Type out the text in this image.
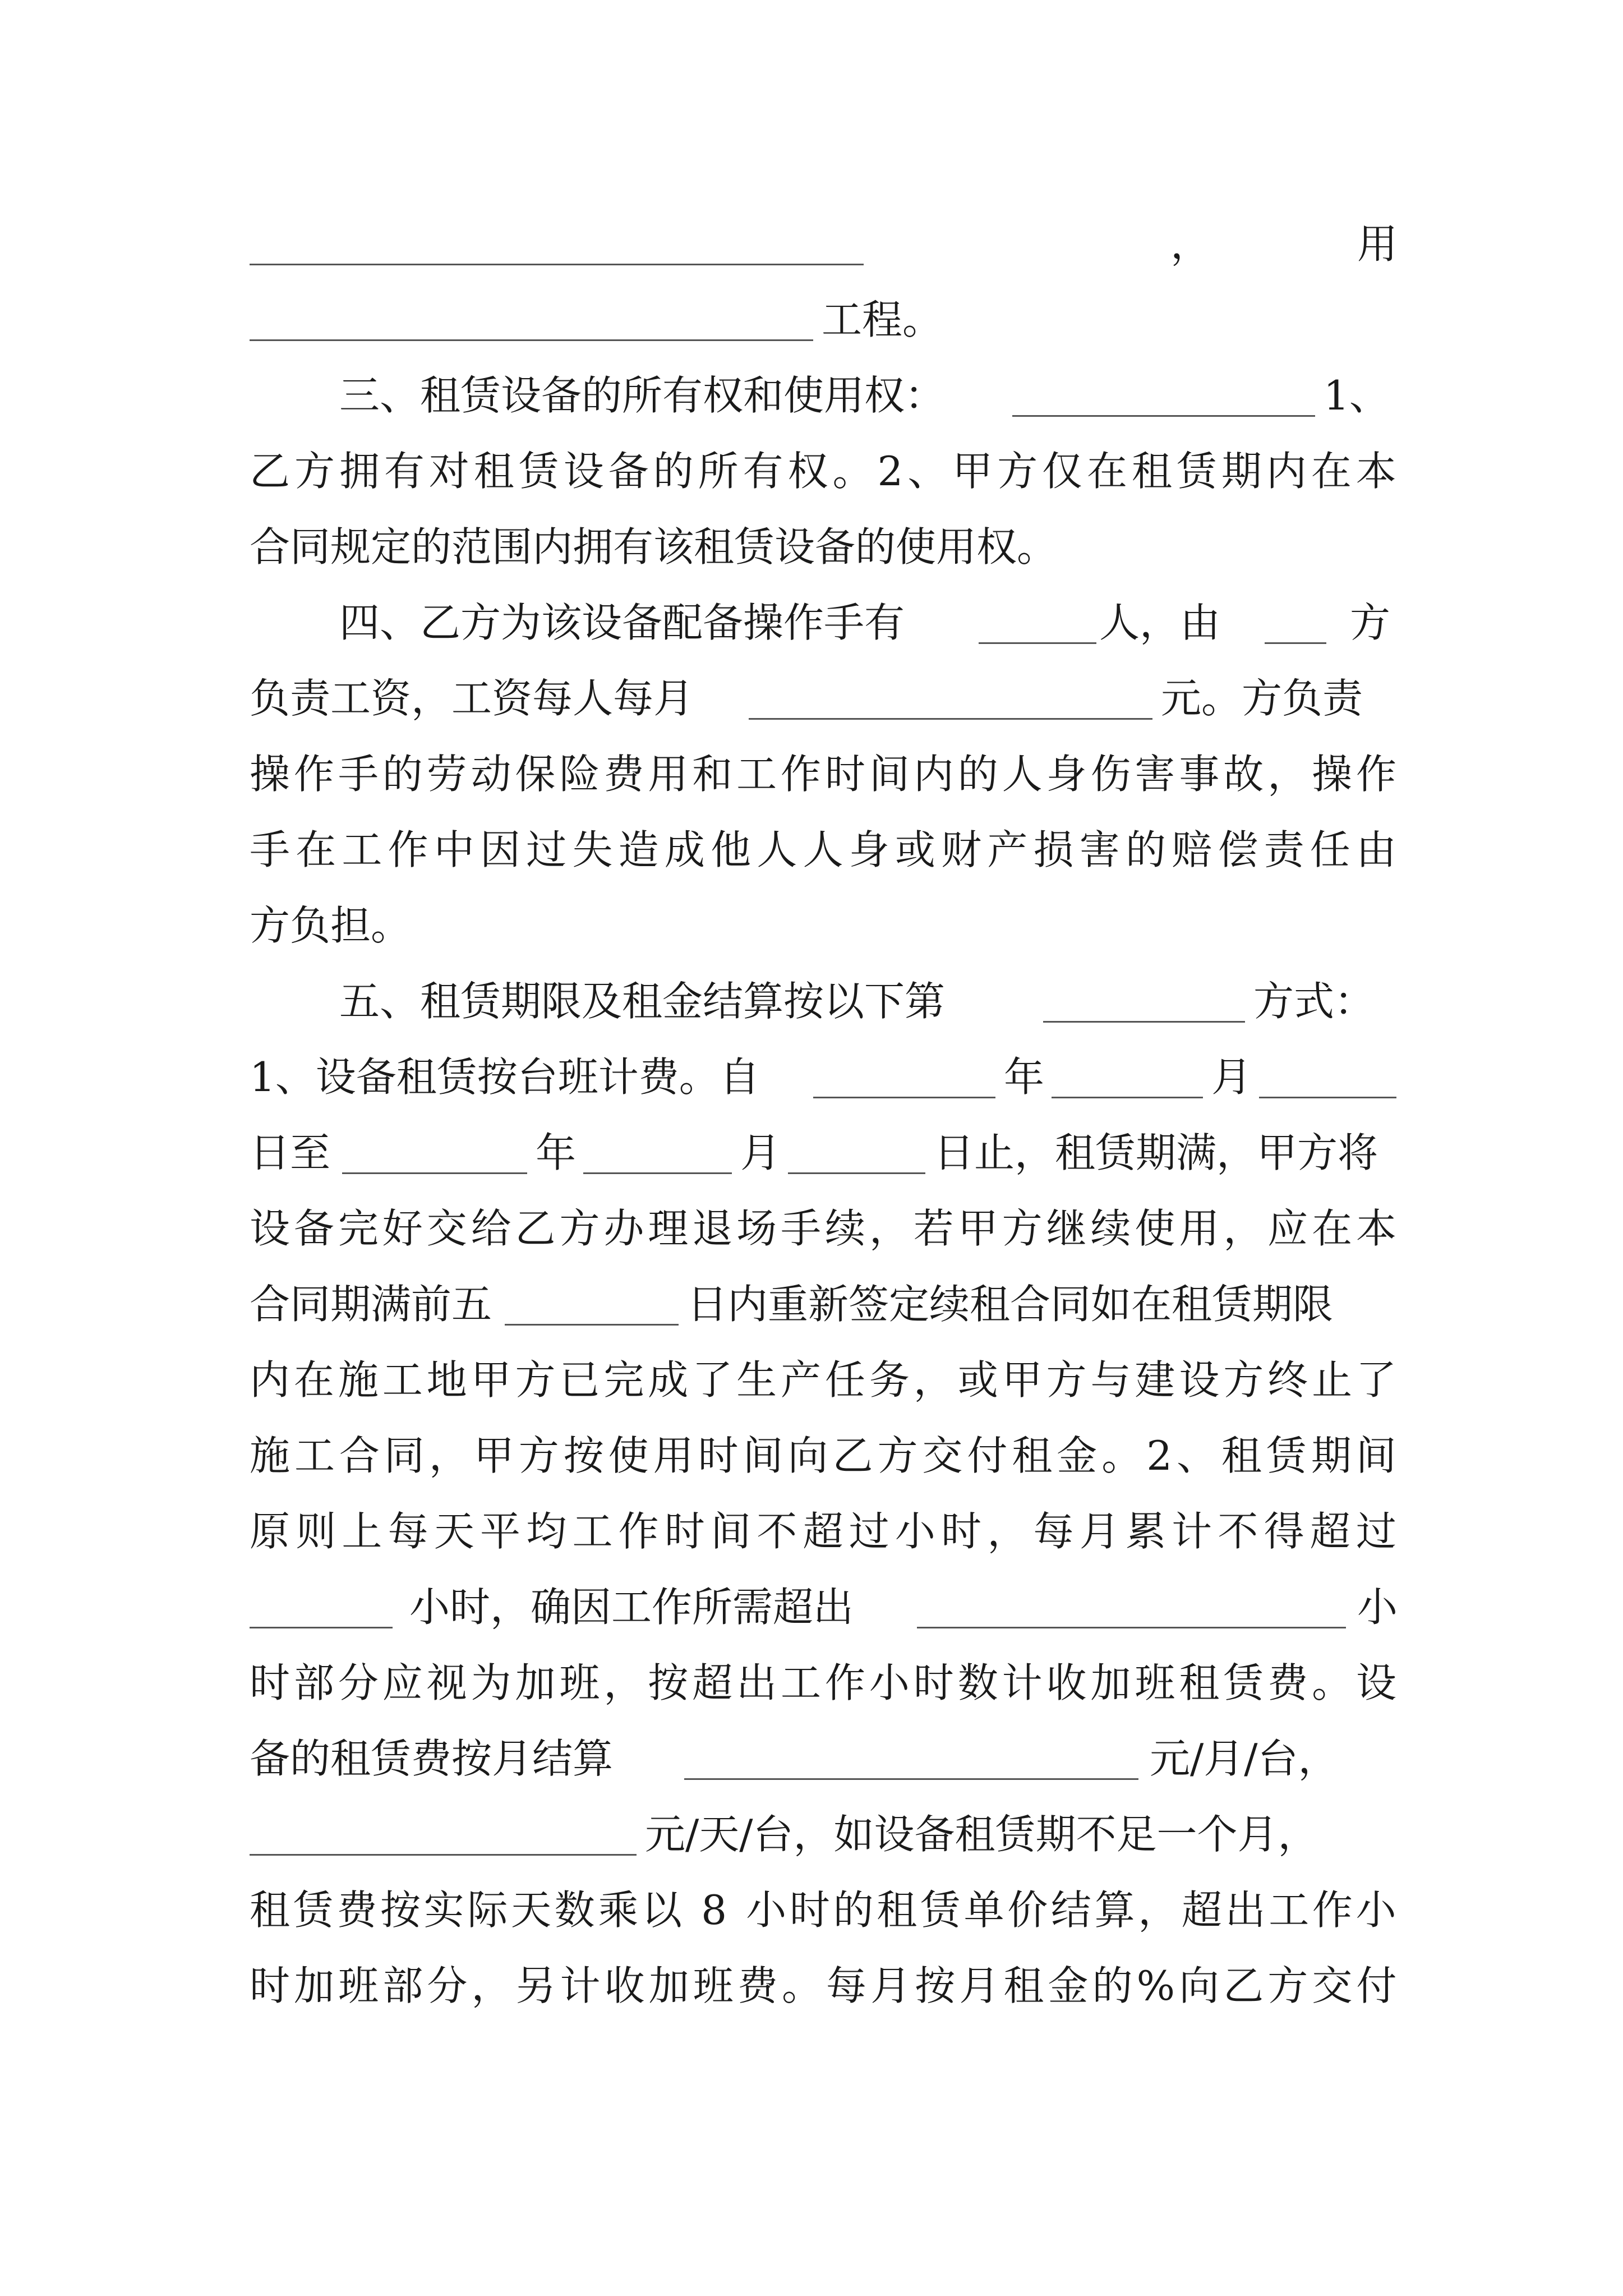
，	用
工程。
三、租赁设备的所有权和使用权：	1、
乙方拥有对租赁设备的所有权。2、甲方仅在租赁期内在本
合同规定的范围内拥有该租赁设备的使用权。
四、乙方为该设备配备操作手有	人，由	方
负责工资，工资每人每月	元。方负责
操作手的劳动保险费用和工作时间内的人身伤害事故，操作
手在工作中因过失造成他人人身或财产损害的赔偿责任由
方负担。
五、租赁期限及租金结算按以下第	方式：
1、设备租赁按台班计费。自	年	月
日至	年	月	日止，租赁期满，甲方将
设备完好交给乙方办理退场手续，若甲方继续使用，应在本
合同期满前五	日内重新签定续租合同如在租赁期限
内在施工地甲方已完成了生产任务，或甲方与建设方终止了
施工合同，甲方按使用时间向乙方交付租金。2、租赁期间
原则上每天平均工作时间不超过小时，每月累计不得超过
小时，确因工作所需超出	小
时部分应视为加班，按超出工作小时数计收加班租赁费。设
备的租赁费按月结算	元/月/台，
元/天/台，如设备租赁期不足一个月，
租赁费按实际天数乘以 8 小时的租赁单价结算，超出工作小
时加班部分，另计收加班费。每月按月租金的%向乙方交付
